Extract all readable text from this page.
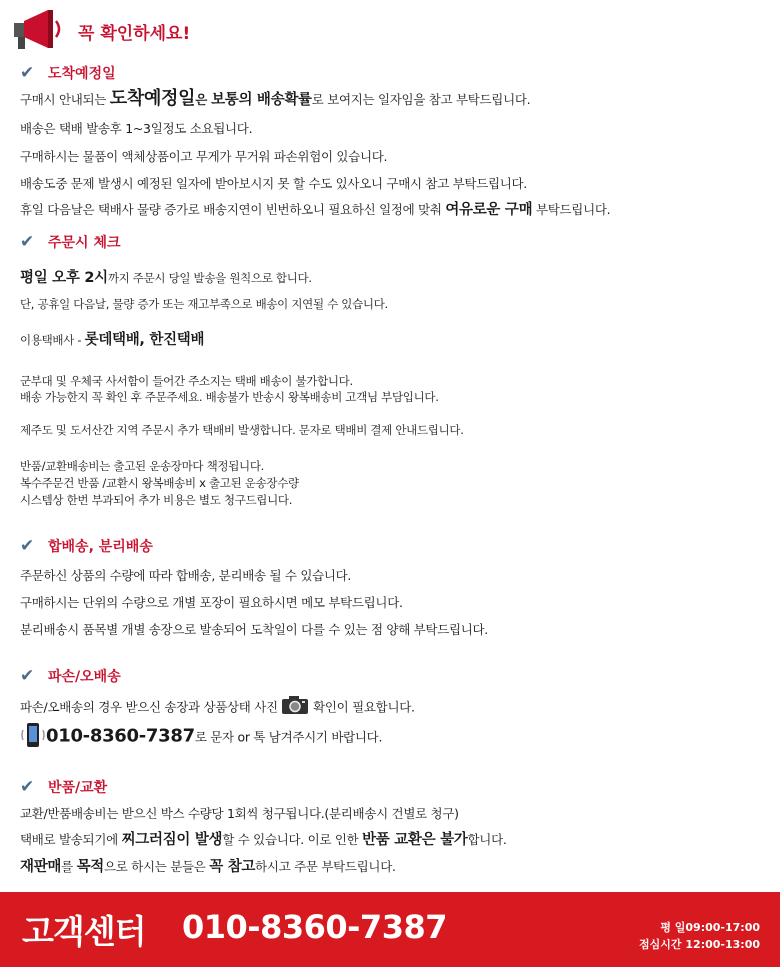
꼭 확인하세요!
✔ 도착예정일
구매시 안내되는 도착예정일은 보통의 배송확률로 보여지는 일자임을 참고 부탁드립니다.
배송은 택배 발송후 1~3일정도 소요됩니다.
구매하시는 물품이 액체상품이고 무게가 무거워 파손위험이 있습니다.
배송도중 문제 발생시 예정된 일자에 받아보시지 못 할 수도 있사오니 구매시 참고 부탁드립니다.
휴일 다음날은 택배사 물량 증가로 배송지연이 빈번하오니 필요하신 일정에 맞춰 여유로운 구매 부탁드립니다.
✔ 주문시 체크
평일 오후 2시까지 주문시 당일 발송을 원칙으로 합니다.
단, 공휴일 다음날, 물량 증가 또는 재고부족으로 배송이 지연될 수 있습니다.
이용택배사 - 롯데택배, 한진택배
군부대 및 우체국 사서함이 들어간 주소지는 택배 배송이 불가합니다.
배송 가능한지 꼭 확인 후 주문주세요. 배송불가 반송시 왕복배송비 고객님 부담입니다.
제주도 및 도서산간 지역 주문시 추가 택배비 발생합니다. 문자로 택배비 결제 안내드립니다.
반품/교환배송비는 출고된 운송장마다 책정됩니다.
복수주문건 반품 /교환시 왕복배송비 x 출고된 운송장수량
시스템상 한번 부과되어 추가 비용은 별도 청구드립니다.
✔ 합배송, 분리배송
주문하신 상품의 수량에 따라 합배송, 분리배송 될 수 있습니다.
구매하시는 단위의 수량으로 개별 포장이 필요하시면 메모 부탁드립니다.
분리배송시 품목별 개별 송장으로 발송되어 도착일이 다를 수 있는 점 양해 부탁드립니다.
✔ 파손/오배송
파손/오배송의 경우 받으신 송장과 상품상태 사진  확인이 필요합니다.
010-8360-7387로 문자 or 톡 남겨주시기 바랍니다.
✔ 반품/교환
교환/반품배송비는 받으신 박스 수량당 1회씩 청구됩니다.(분리배송시 건별로 청구)
택배로 발송되기에 찌그러짐이 발생할 수 있습니다. 이로 인한 반품 교환은 불가합니다.
재판매를 목적으로 하시는 분들은 꼭 참고하시고 주문 부탁드립니다.
고객센터 010-8360-7387	평 일09:00-17:00
점심시간 12:00-13:00
